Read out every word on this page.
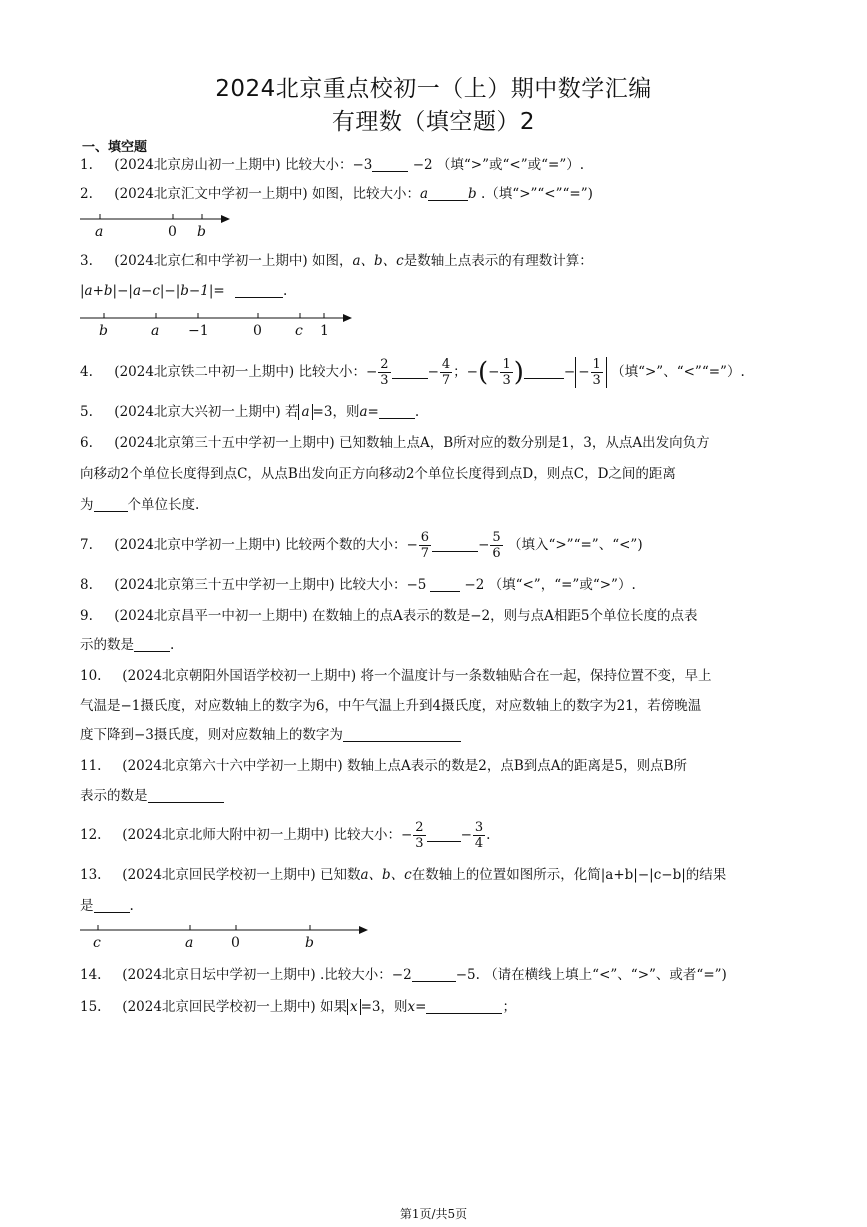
2024北京重点校初一（上）期中数学汇编
有理数（填空题）2
一、填空题
1. (2024北京房山初一上期中) 比较大小：−3	−2 （填“>”或“<”或“=”）.
2. (2024北京汇文中学初一上期中) 如图，比较大小：a	b .（填“>”“<”“=”)
a	0 b
3. (2024北京仁和中学初一上期中) 如图，a、b、c是数轴上点表示的有理数计算：
|a+b|−|a−c|−|b−1|=	.
b	a −1	0 c 1
4. (2024北京铁二中初一上期中) 比较大小：− $\frac{2}{3}$	− $\frac{4}{7}$ ；−(− $\frac{1}{3}$ )	− − $\frac{1}{3}$ （填“>”、“<”“=”）.
5. (2024北京大兴初一上期中) 若 a =3，则a=	.
6. (2024北京第三十五中学初一上期中) 已知数轴上点A，B所对应的数分别是1，3，从点A出发向负方
向移动2个单位长度得到点C，从点B出发向正方向移动2个单位长度得到点D，则点C，D之间的距离
为	个单位长度.
7. (2024北京中学初一上期中) 比较两个数的大小：− $\frac{6}{7}$	− $\frac{5}{6}$ （填入“>”“=”、“<”)
8. (2024北京第三十五中学初一上期中) 比较大小：−5	−2 （填“<”，“=”或“>”）.
9. (2024北京昌平一中初一上期中) 在数轴上的点A表示的数是−2，则与点A相距5个单位长度的点表
示的数是	.
10. (2024北京朝阳外国语学校初一上期中) 将一个温度计与一条数轴贴合在一起，保持位置不变，早上
气温是−1摄氏度，对应数轴上的数字为6，中午气温上升到4摄氏度，对应数轴上的数字为21，若傍晚温
度下降到−3摄氏度，则对应数轴上的数字为
11. (2024北京第六十六中学初一上期中) 数轴上点A表示的数是2，点B到点A的距离是5，则点B所
表示的数是
12. (2024北京北师大附中初一上期中) 比较大小：− $\frac{2}{3}$	− $\frac{3}{4}$ .
13. (2024北京回民学校初一上期中) 已知数a、b、c在数轴上的位置如图所示，化简|a+b|−|c−b|的结果
是	.
c	a	0	b
14. (2024北京日坛中学初一上期中) .比较大小：−2	−5. （请在横线上填上“<”、“>”、或者“=”)
15. (2024北京回民学校初一上期中) 如果 x =3，则x=	；
第1页/共5页
